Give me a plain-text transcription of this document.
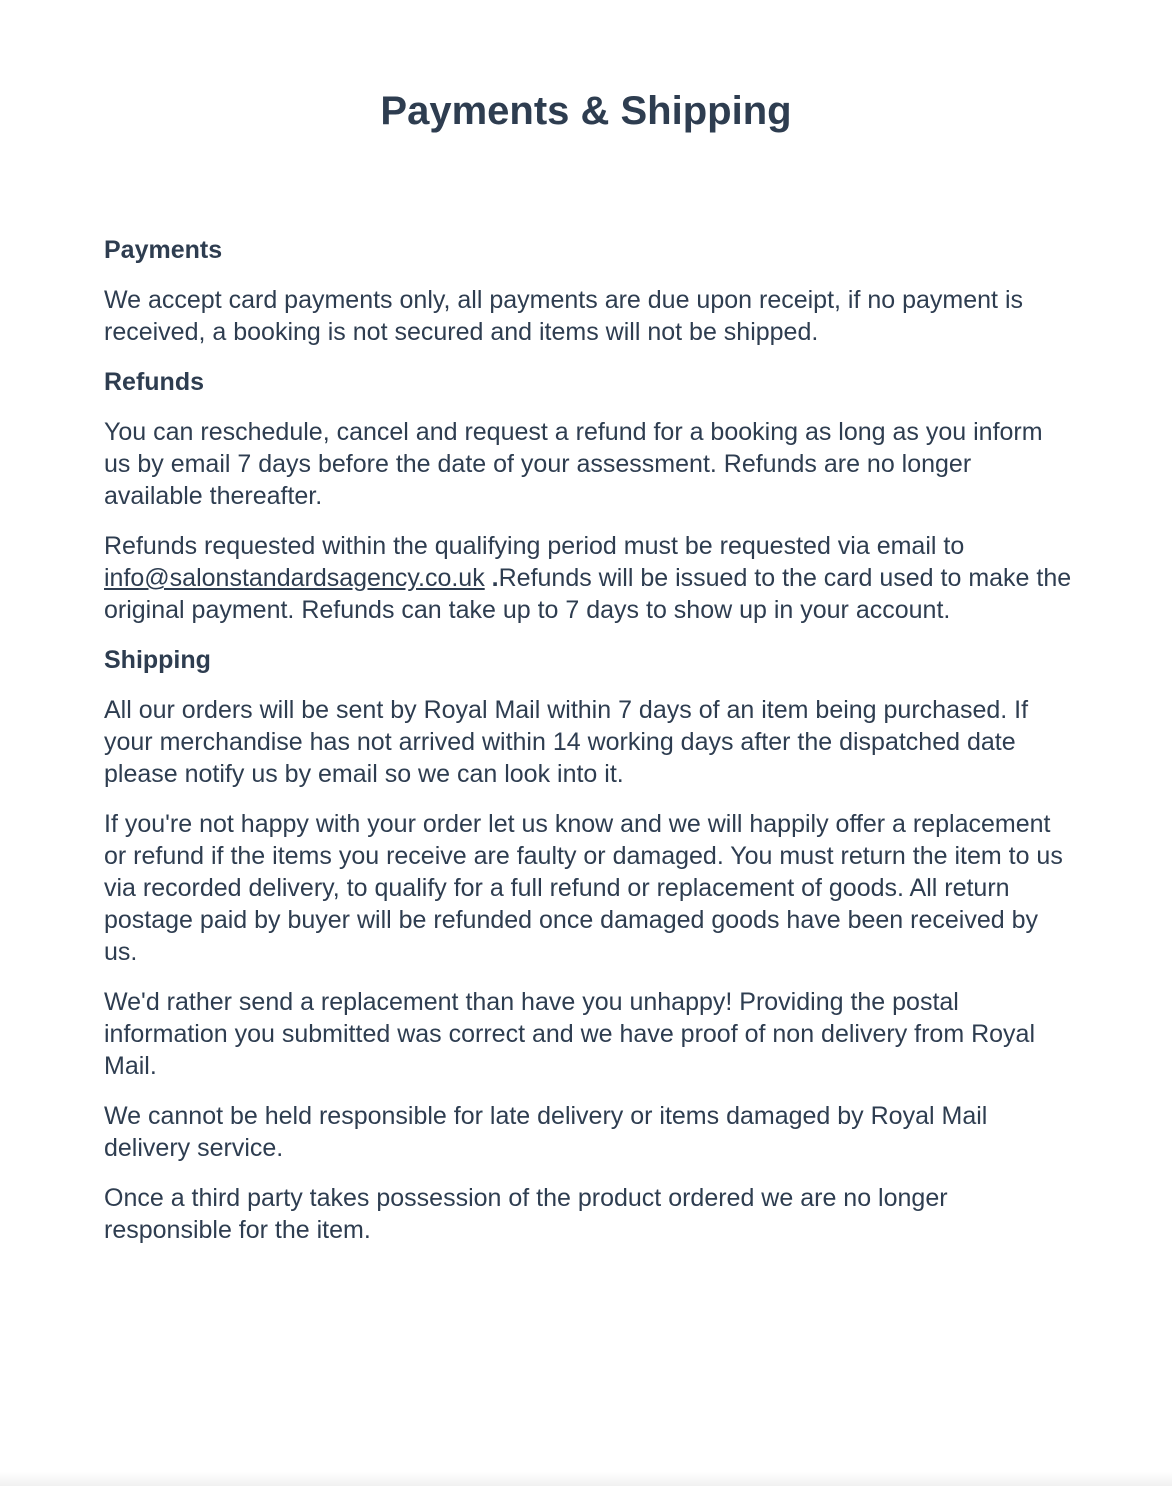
Payments & Shipping
Payments

We accept card payments only, all payments are due upon receipt, if no payment is received, a booking is not secured and items will not be shipped.

Refunds

You can reschedule, cancel and request a refund for a booking as long as you inform us by email 7 days before the date of your assessment. Refunds are no longer available thereafter.

Refunds requested within the qualifying period must be requested via email to info@salonstandardsagency.co.uk .Refunds will be issued to the card used to make the original payment. Refunds can take up to 7 days to show up in your account.

Shipping

All our orders will be sent by Royal Mail within 7 days of an item being purchased. If your merchandise has not arrived within 14 working days after the dispatched date please notify us by email so we can look into it.

If you're not happy with your order let us know and we will happily offer a replacement or refund if the items you receive are faulty or damaged. You must return the item to us via recorded delivery, to qualify for a full refund or replacement of goods. All return postage paid by buyer will be refunded once damaged goods have been received by us.

We'd rather send a replacement than have you unhappy! Providing the postal information you submitted was correct and we have proof of non delivery from Royal Mail.

We cannot be held responsible for late delivery or items damaged by Royal Mail delivery service.

Once a third party takes possession of the product ordered we are no longer responsible for the item.
